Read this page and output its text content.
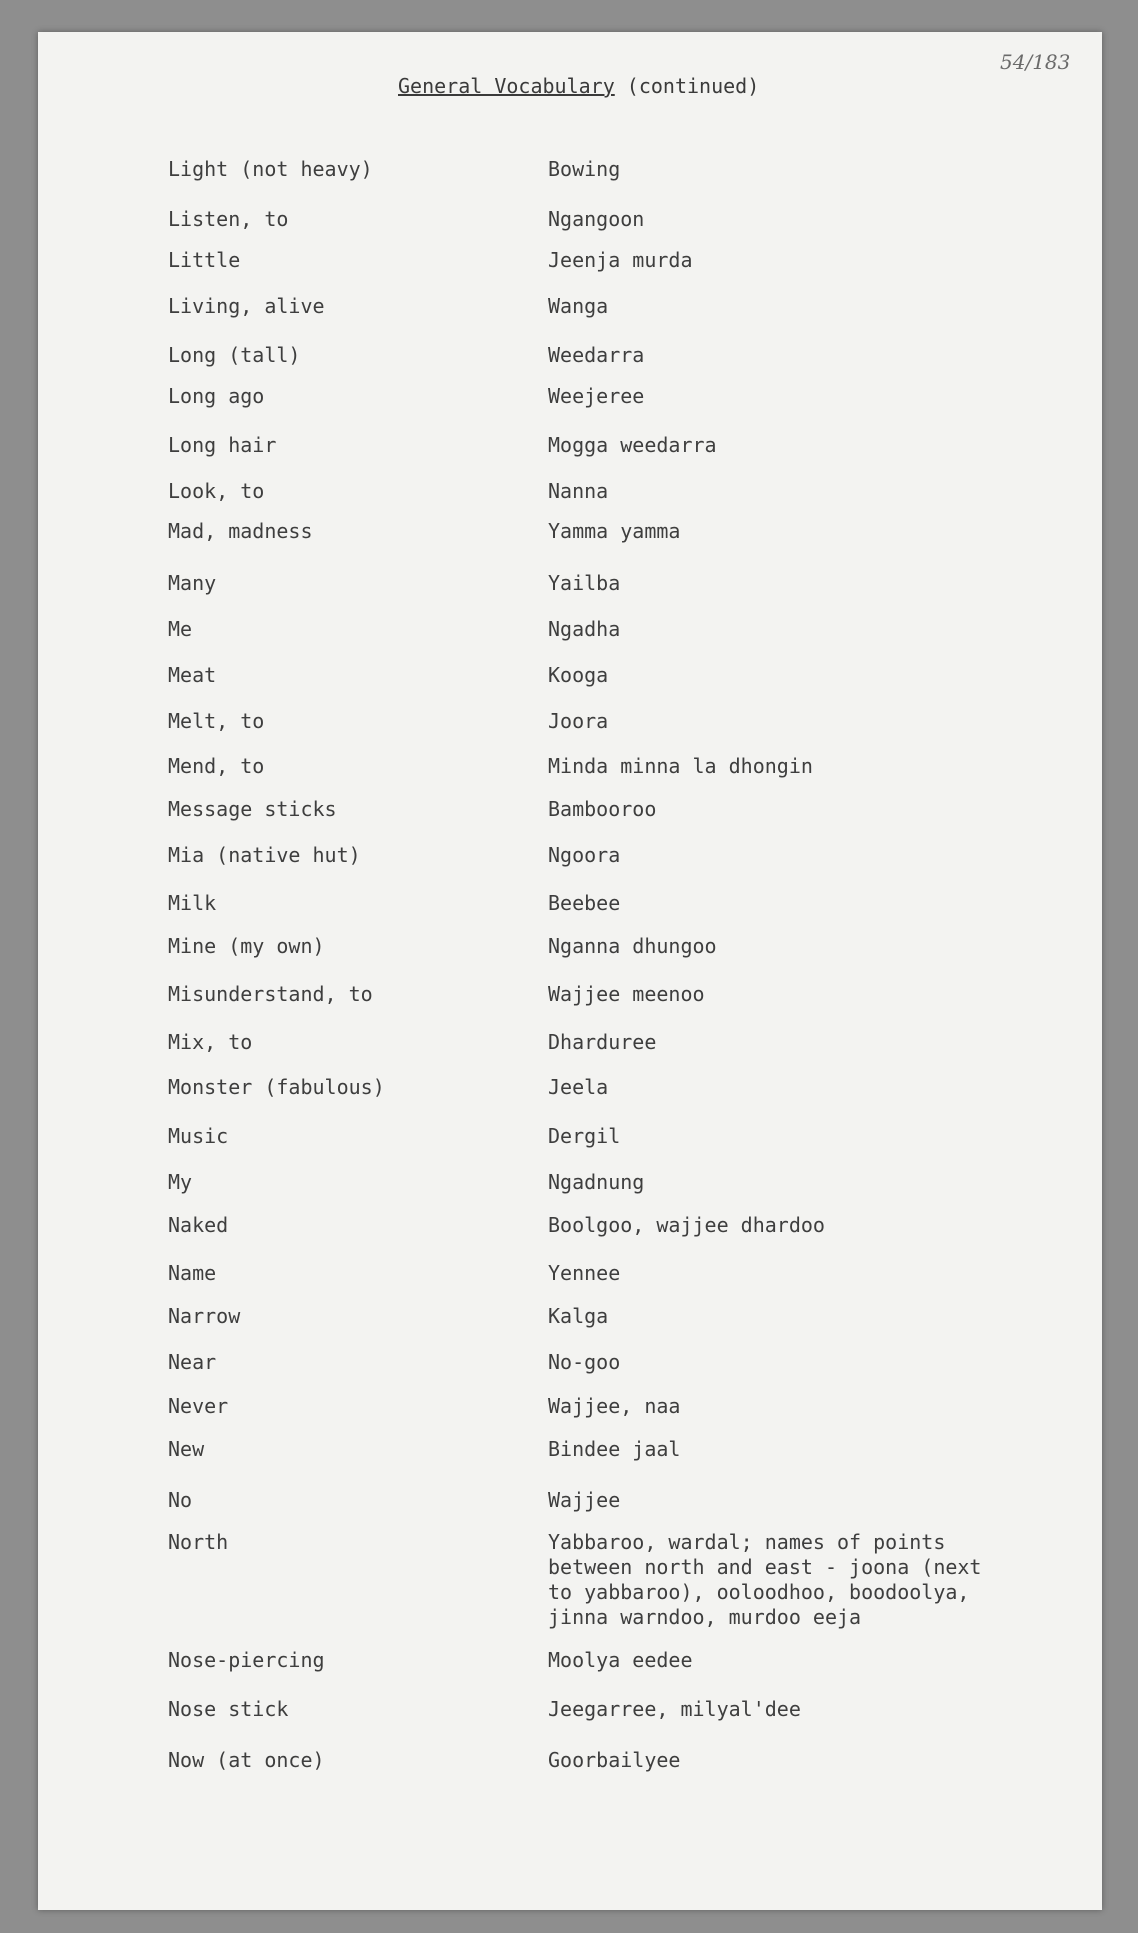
54/183
General Vocabulary (continued)
Light (not heavy)	Bowing
Listen, to	Ngangoon
Little	Jeenja murda
Living, alive	Wanga
Long (tall)	Weedarra
Long ago	Weejeree
Long hair	Mogga weedarra
Look, to	Nanna
Mad, madness	Yamma yamma
Many	Yailba
Me	Ngadha
Meat	Kooga
Melt, to	Joora
Mend, to	Minda minna la dhongin
Message sticks	Bambooroo
Mia (native hut)	Ngoora
Milk	Beebee
Mine (my own)	Nganna dhungoo
Misunderstand, to	Wajjee meenoo
Mix, to	Dharduree
Monster (fabulous)	Jeela
Music	Dergil
My	Ngadnung
Naked	Boolgoo, wajjee dhardoo
Name	Yennee
Narrow	Kalga
Near	No-goo
Never	Wajjee, naa
New	Bindee jaal
No	Wajjee
North	Yabbaroo, wardal; names of points
between north and east - joona (next
to yabbaroo), ooloodhoo, boodoolya,
jinna warndoo, murdoo eeja
Nose-piercing	Moolya eedee
Nose stick	Jeegarree, milyal'dee
Now (at once)	Goorbailyee
